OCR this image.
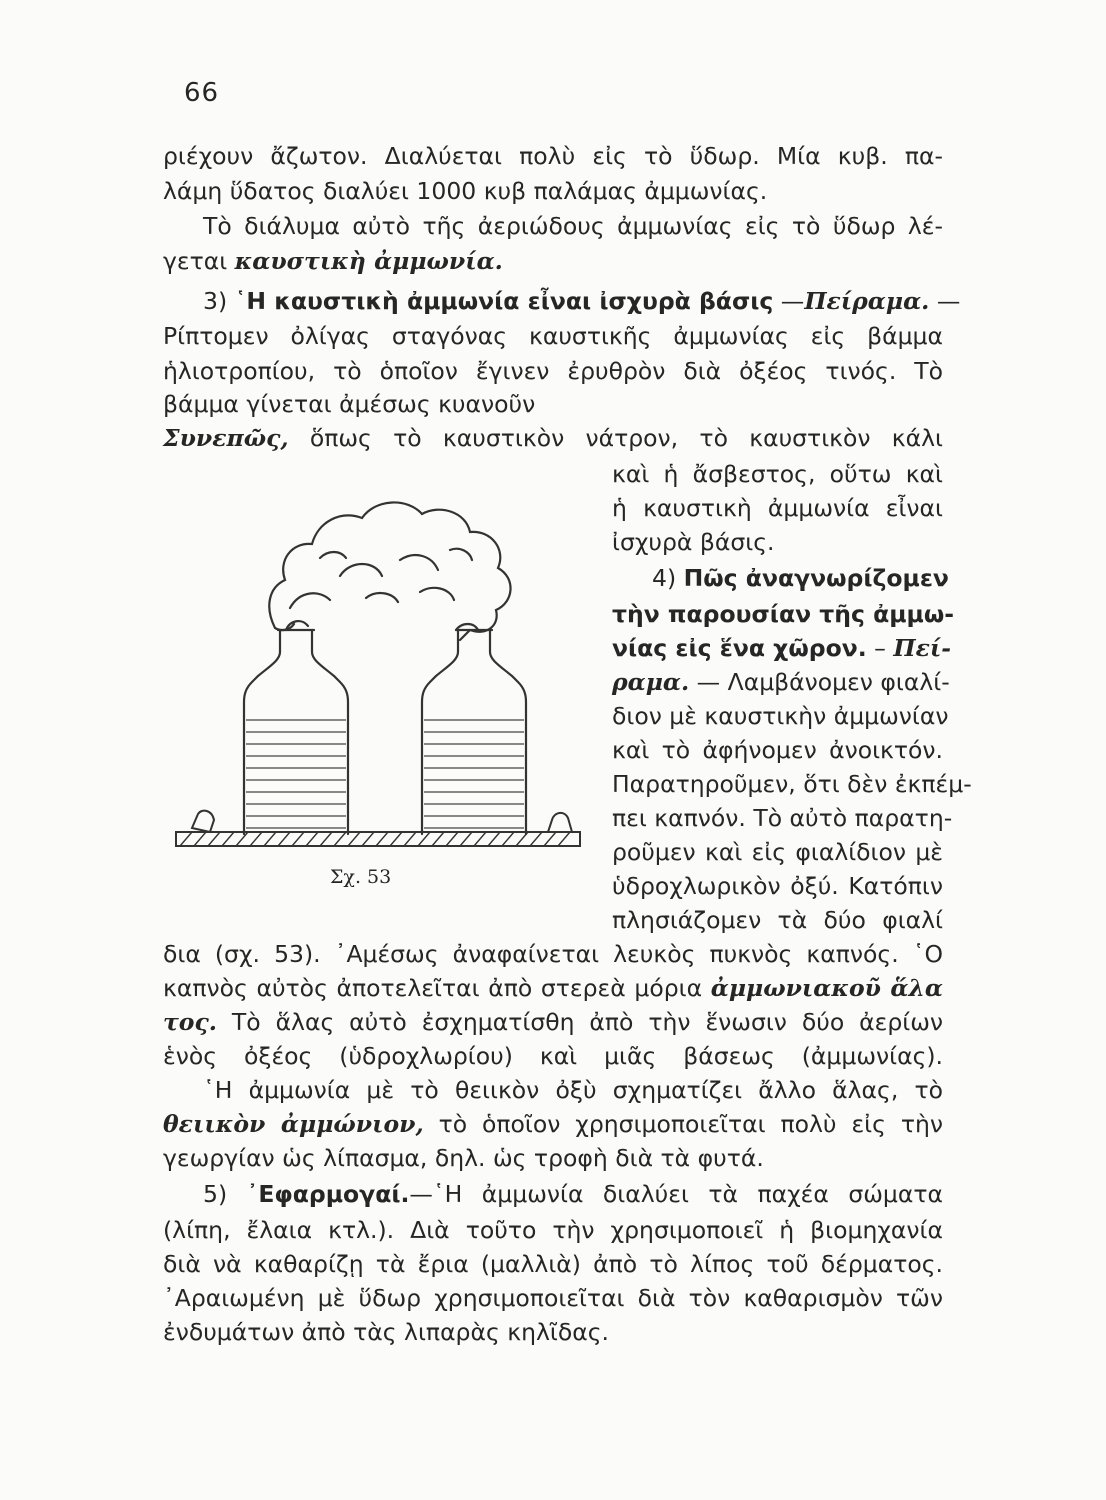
66
ριέχουν ἄζωτον. Διαλύεται πολὺ εἰς τὸ ὕδωρ. Μία κυβ. πα-
λάμη ὕδατος διαλύει 1000 κυβ παλάμας ἀμμωνίας.
Τὸ διάλυμα αὐτὸ τῆς ἀεριώδους ἀμμωνίας εἰς τὸ ὕδωρ λέ-
γεται καυστικὴ ἀμμωνία.
3) ῾Η καυστικὴ ἀμμωνία εἶναι ἰσχυρὰ βάσις —Πείραμα. —
Ρίπτομεν ὀλίγας σταγόνας καυστικῆς ἀμμωνίας εἰς βάμμα
ἡλιοτροπίου, τὸ ὁποῖον ἔγινεν ἐρυθρὸν διὰ ὀξέος τινός. Τὸ
βάμμα γίνεται ἀμέσως κυανοῦν
Συνεπῶς, ὅπως τὸ καυστικὸν νάτρον, τὸ καυστικὸν κάλι
καὶ ἡ ἄσβεστος, οὕτω καὶ
ἡ καυστικὴ ἀμμωνία εἶναι
ἰσχυρὰ βάσις.
4) Πῶς ἀναγνωρίζομεν
τὴν παρουσίαν τῆς ἀμμω-
νίας εἰς ἕνα χῶρον. – Πεί-
ραμα. — Λαμβάνομεν φιαλί-
διον μὲ καυστικὴν ἀμμωνίαν
καὶ τὸ ἀφήνομεν ἀνοικτόν.
Παρατηροῦμεν, ὅτι δὲν ἐκπέμ-
πει καπνόν. Τὸ αὐτὸ παρατη-
ροῦμεν καὶ εἰς φιαλίδιον μὲ
ὑδροχλωρικὸν ὀξύ. Κατόπιν
πλησιάζομεν τὰ δύο φιαλί
Σχ. 53
δια (σχ. 53). ᾿Αμέσως ἀναφαίνεται λευκὸς πυκνὸς καπνός. ῾Ο
καπνὸς αὐτὸς ἀποτελεῖται ἀπὸ στερεὰ μόρια ἀμμωνιακοῦ ἅλα
τος. Τὸ ἅλας αὐτὸ ἐσχηματίσθη ἀπὸ τὴν ἕνωσιν δύο ἀερίων
ἑνὸς ὀξέος (ὑδροχλωρίου) καὶ μιᾶς βάσεως (ἀμμωνίας).
῾Η ἀμμωνία μὲ τὸ θειικὸν ὀξὺ σχηματίζει ἄλλο ἅλας, τὸ
θειικὸν ἀμμώνιον, τὸ ὁποῖον χρησιμοποιεῖται πολὺ εἰς τὴν
γεωργίαν ὡς λίπασμα, δηλ. ὡς τροφὴ διὰ τὰ φυτά.
5) ᾿Εφαρμογαί.—῾Η ἀμμωνία διαλύει τὰ παχέα σώματα
(λίπη, ἔλαια κτλ.). Διὰ τοῦτο τὴν χρησιμοποιεῖ ἡ βιομηχανία
διὰ νὰ καθαρίζῃ τὰ ἔρια (μαλλιὰ) ἀπὸ τὸ λίπος τοῦ δέρματος.
᾿Αραιωμένη μὲ ὕδωρ χρησιμοποιεῖται διὰ τὸν καθαρισμὸν τῶν
ἐνδυμάτων ἀπὸ τὰς λιπαρὰς κηλῖδας.
